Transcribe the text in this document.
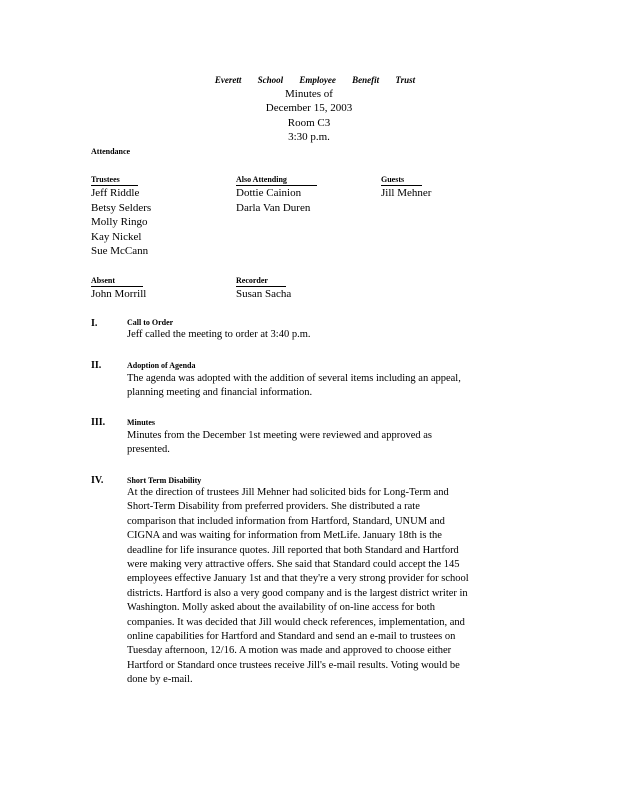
Everett School Employee Benefit Trust
Minutes of
December 15, 2003
Room C3
3:30 p.m.
Attendance
Trustees
Jeff Riddle
Betsy Selders
Molly Ringo
Kay Nickel
Sue McCann
Also Attending
Dottie Cainion
Darla Van Duren
Guests
Jill Mehner
Absent
John Morrill
Recorder
Susan Sacha
I.	Call to Order
Jeff called the meeting to order at 3:40 p.m.
II.	Adoption of Agenda
The agenda was adopted with the addition of several items including an appeal,
planning meeting and financial information.
III.	Minutes
Minutes from the December 1st meeting were reviewed and approved as
presented.
IV.	Short Term Disability
At the direction of trustees Jill Mehner had solicited bids for Long-Term and
Short-Term Disability from preferred providers. She distributed a rate
comparison that included information from Hartford, Standard, UNUM and
CIGNA and was waiting for information from MetLife. January 18th is the
deadline for life insurance quotes. Jill reported that both Standard and Hartford
were making very attractive offers. She said that Standard could accept the 145
employees effective January 1st and that they're a very strong provider for school
districts. Hartford is also a very good company and is the largest district writer in
Washington. Molly asked about the availability of on-line access for both
companies. It was decided that Jill would check references, implementation, and
online capabilities for Hartford and Standard and send an e-mail to trustees on
Tuesday afternoon, 12/16. A motion was made and approved to choose either
Hartford or Standard once trustees receive Jill's e-mail results. Voting would be
done by e-mail.
